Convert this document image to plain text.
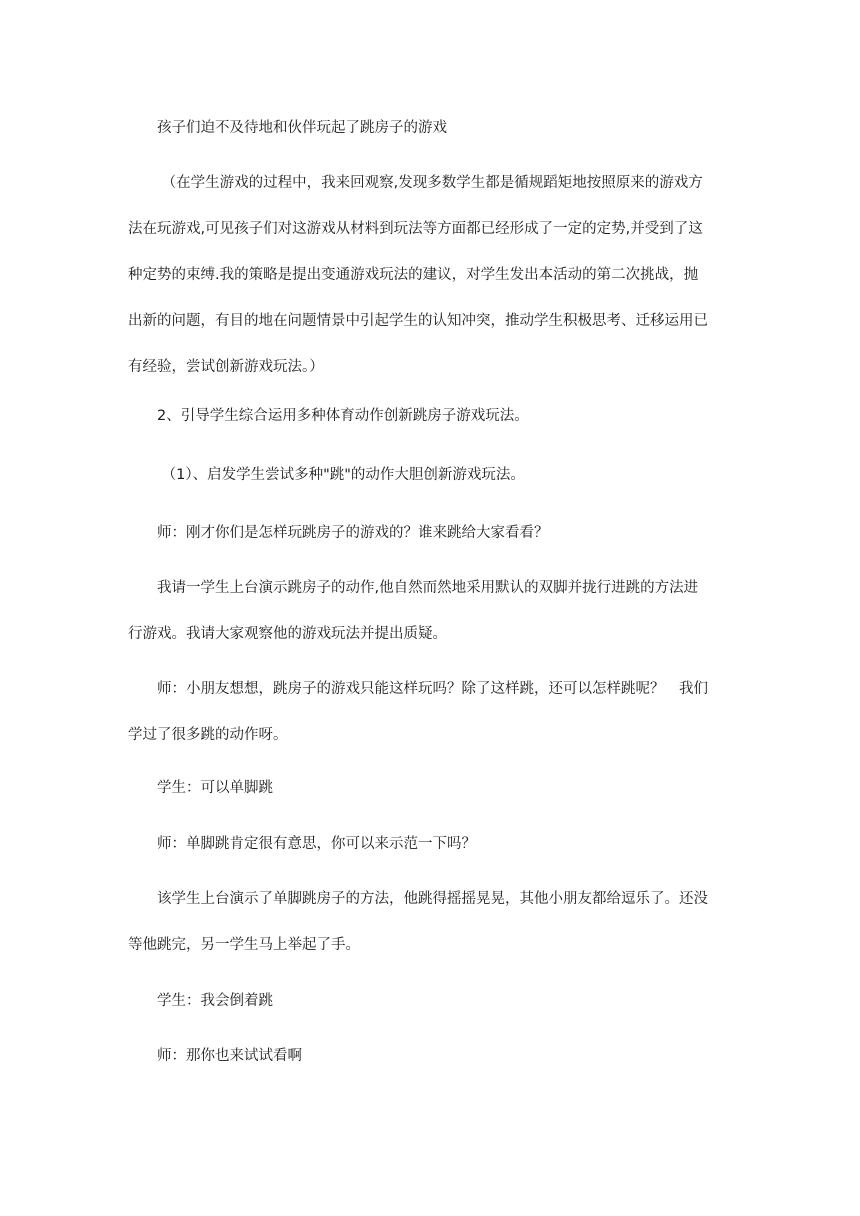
　　孩子们迫不及待地和伙伴玩起了跳房子的游戏

　　 （在学生游戏的过程中，我来回观察,发现多数学生都是循规蹈矩地按照原来的游戏方
法在玩游戏,可见孩子们对这游戏从材料到玩法等方面都已经形成了一定的定势,并受到了这
种定势的束缚.我的策略是提出变通游戏玩法的建议，对学生发出本活动的第二次挑战，抛
出新的问题，有目的地在问题情景中引起学生的认知冲突，推动学生积极思考、迁移运用已
有经验，尝试创新游戏玩法。）

　　2、引导学生综合运用多种体育动作创新跳房子游戏玩法。

　　 （1）、启发学生尝试多种"跳"的动作大胆创新游戏玩法。

　　师：刚才你们是怎样玩跳房子的游戏的？谁来跳给大家看看？

　　我请一学生上台演示跳房子的动作,他自然而然地采用默认的双脚并拢行进跳的方法进
行游戏。我请大家观察他的游戏玩法并提出质疑。

　　师：小朋友想想，跳房子的游戏只能这样玩吗？除了这样跳，还可以怎样跳呢？　我们
学过了很多跳的动作呀。

　　学生：可以单脚跳

　　师：单脚跳肯定很有意思，你可以来示范一下吗？

　　该学生上台演示了单脚跳房子的方法，他跳得摇摇晃晃，其他小朋友都给逗乐了。还没
等他跳完，另一学生马上举起了手。

　　学生：我会倒着跳

　　师：那你也来试试看啊
